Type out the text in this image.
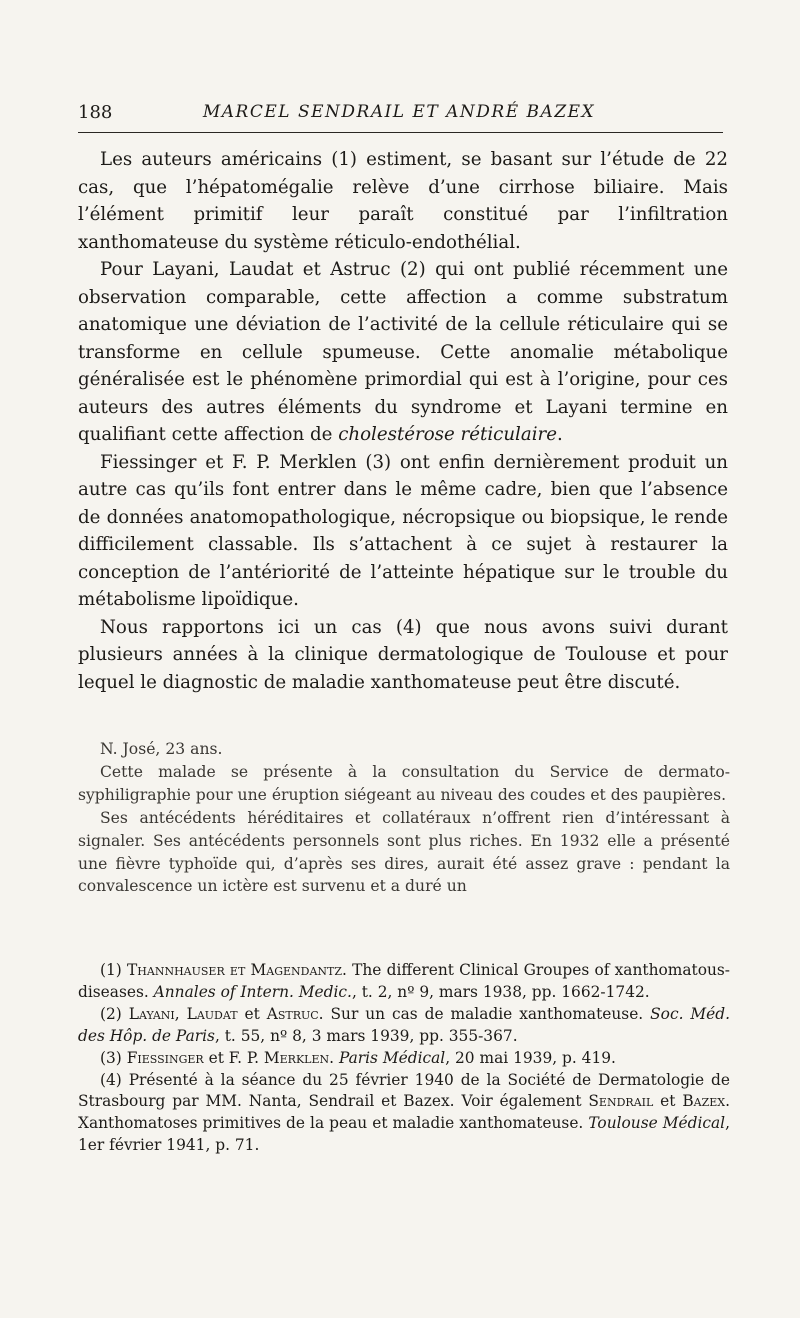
188	MARCEL SENDRAIL ET ANDRÉ BAZEX

Les auteurs américains (1) estiment, se basant sur l’étude de 22 cas, que l’hépatomégalie relève d’une cirrhose biliaire. Mais l’élément primitif leur paraît constitué par l’infiltration xanthomateuse du système réticulo-endothélial.

Pour Layani, Laudat et Astruc (2) qui ont publié récemment une observation comparable, cette affection a comme substratum anatomique une déviation de l’activité de la cellule réticulaire qui se transforme en cellule spumeuse. Cette anomalie métabolique généralisée est le phénomène primordial qui est à l’origine, pour ces auteurs des autres éléments du syndrome et Layani termine en qualifiant cette affection de cholestérose réticulaire.

Fiessinger et F. P. Merklen (3) ont enfin dernièrement produit un autre cas qu’ils font entrer dans le même cadre, bien que l’absence de données anatomopathologique, nécropsique ou biopsique, le rende difficilement classable. Ils s’attachent à ce sujet à restaurer la conception de l’antériorité de l’atteinte hépatique sur le trouble du métabolisme lipoïdique.

Nous rapportons ici un cas (4) que nous avons suivi durant plusieurs années à la clinique dermatologique de Toulouse et pour lequel le diagnostic de maladie xanthomateuse peut être discuté.

N. José, 23 ans.

Cette malade se présente à la consultation du Service de dermato-syphiligraphie pour une éruption siégeant au niveau des coudes et des paupières.

Ses antécédents héréditaires et collatéraux n’offrent rien d’intéressant à signaler. Ses antécédents personnels sont plus riches. En 1932 elle a présenté une fièvre typhoïde qui, d’après ses dires, aurait été assez grave : pendant la convalescence un ictère est survenu et a duré un

(1) Thannhauser et Magendantz. The different Clinical Groupes of xanthomatous-diseases. Annales of Intern. Medic., t. 2, nº 9, mars 1938, pp. 1662-1742.

(2) Layani, Laudat et Astruc. Sur un cas de maladie xanthomateuse. Soc. Méd. des Hôp. de Paris, t. 55, nº 8, 3 mars 1939, pp. 355-367.

(3) Fiessinger et F. P. Merklen. Paris Médical, 20 mai 1939, p. 419.

(4) Présenté à la séance du 25 février 1940 de la Société de Dermatologie de Strasbourg par MM. Nanta, Sendrail et Bazex. Voir également Sendrail et Bazex. Xanthomatoses primitives de la peau et maladie xanthomateuse. Toulouse Médical, 1er février 1941, p. 71.
